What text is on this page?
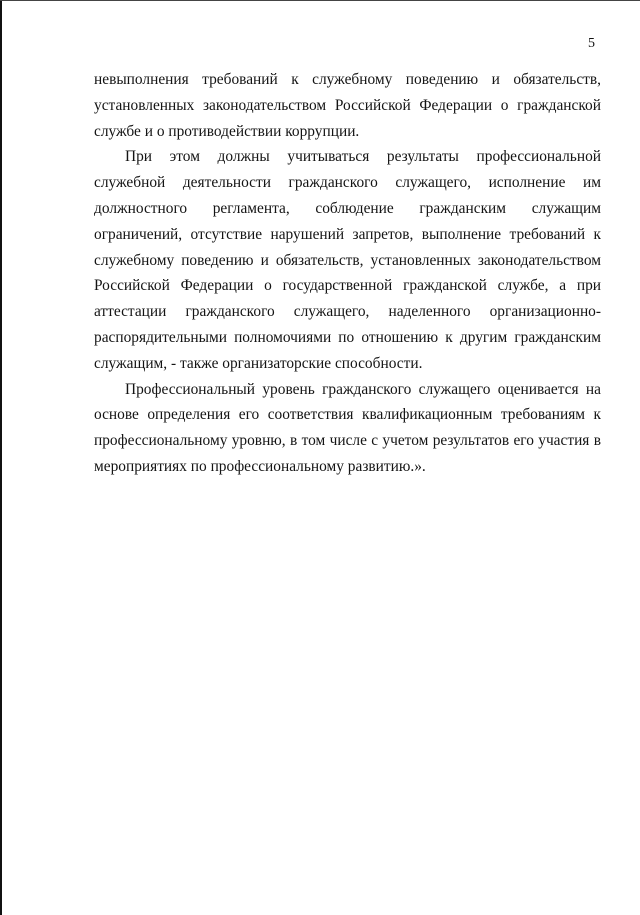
5

невыполнения требований к служебному поведению и обязательств, установленных законодательством Российской Федерации о гражданской службе и о противодействии коррупции.

При этом должны учитываться результаты профессиональной служебной деятельности гражданского служащего, исполнение им должностного регламента, соблюдение гражданским служащим ограничений, отсутствие нарушений запретов, выполнение требований к служебному поведению и обязательств, установленных законодательством Российской Федерации о государственной гражданской службе, а при аттестации гражданского служащего, наделенного организационно-распорядительными полномочиями по отношению к другим гражданским служащим, - также организаторские способности.

Профессиональный уровень гражданского служащего оценивается на основе определения его соответствия квалификационным требованиям к профессиональному уровню, в том числе с учетом результатов его участия в мероприятиях по профессиональному развитию.».
